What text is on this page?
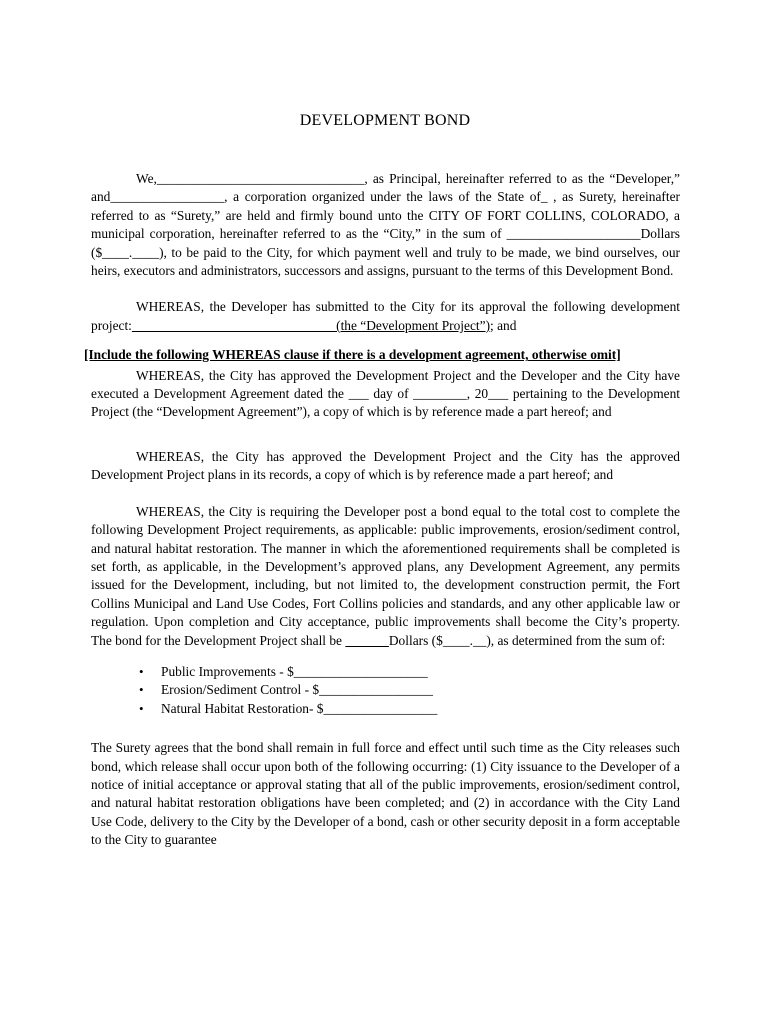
DEVELOPMENT BOND

We,_______________________________, as Principal, hereinafter referred to as the “Developer,” and_________________, a corporation organized under the laws of the State of_ , as Surety, hereinafter referred to as “Surety,” are held and firmly bound unto the CITY OF FORT COLLINS, COLORADO, a municipal corporation, hereinafter referred to as the “City,” in the sum of ____________________Dollars ($____.____), to be paid to the City, for which payment well and truly to be made, we bind ourselves, our heirs, executors and administrators, successors and assigns, pursuant to the terms of this Development Bond.

WHEREAS, the Developer has submitted to the City for its approval the following development project:                                                             (the “Development Project”); and

[Include the following WHEREAS clause if there is a development agreement, otherwise omit]

WHEREAS, the City has approved the Development Project and the Developer and the City have executed a Development Agreement dated the ___ day of ________, 20___ pertaining to the Development Project (the “Development Agreement”), a copy of which is by reference made a part hereof; and

WHEREAS, the City has approved the Development Project and the City has the approved Development Project plans in its records, a copy of which is by reference made a part hereof; and

WHEREAS, the City is requiring the Developer post a bond equal to the total cost to complete the following Development Project requirements, as applicable: public improvements, erosion/sediment control, and natural habitat restoration. The manner in which the aforementioned requirements shall be completed is set forth, as applicable, in the Development’s approved plans, any Development Agreement, any permits issued for the Development, including, but not limited to, the development construction permit, the Fort Collins Municipal and Land Use Codes, Fort Collins policies and standards, and any other applicable law or regulation. Upon completion and City acceptance, public improvements shall become the City’s property. The bond for the Development Project shall be	Dollars ($____.__), as determined from the sum of:

• Public Improvements - $____________________
• Erosion/Sediment Control - $_________________
• Natural Habitat Restoration- $_________________

The Surety agrees that the bond shall remain in full force and effect until such time as the City releases such bond, which release shall occur upon both of the following occurring: (1) City issuance to the Developer of a notice of initial acceptance or approval stating that all of the public improvements, erosion/sediment control, and natural habitat restoration obligations have been completed; and (2) in accordance with the City Land Use Code, delivery to the City by the Developer of a bond, cash or other security deposit in a form acceptable to the City to guarantee
